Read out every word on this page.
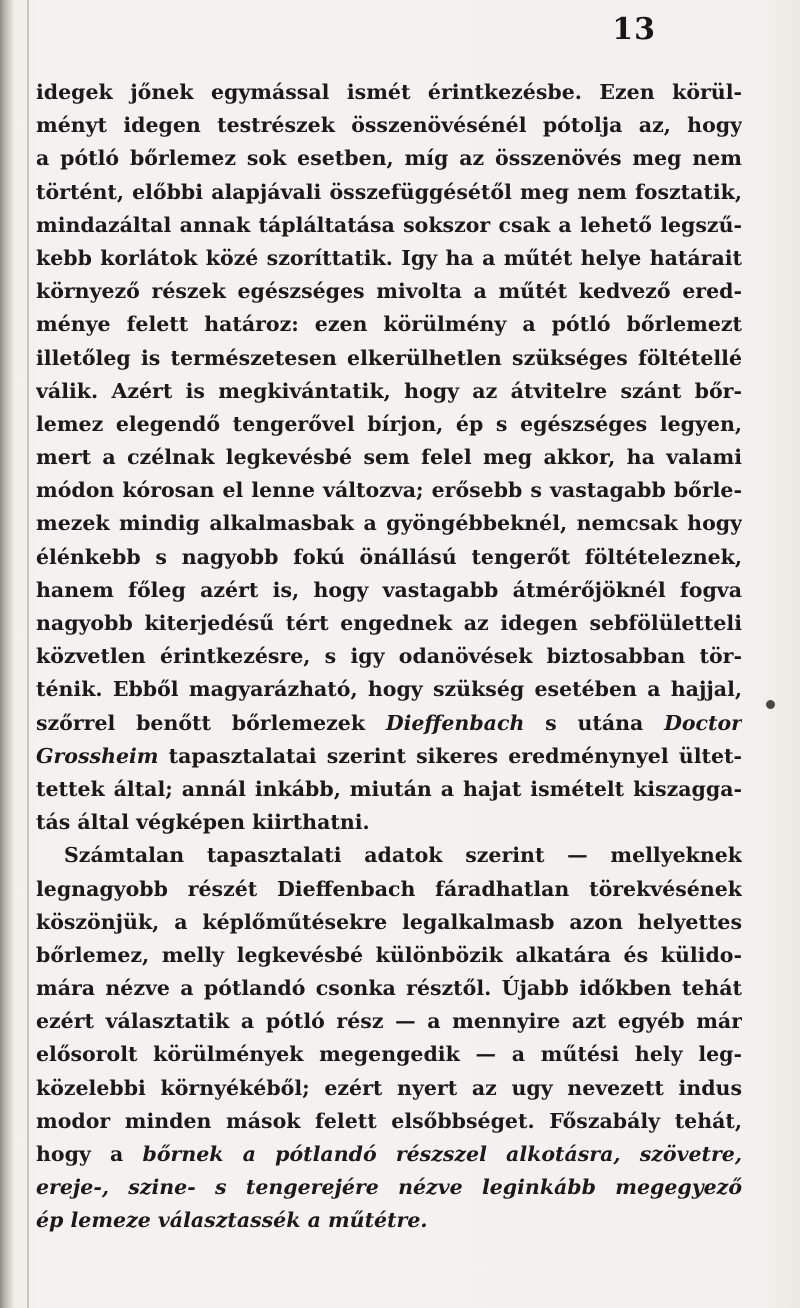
13
idegek jőnek egymással ismét érintkezésbe. Ezen körül-
ményt idegen testrészek összenövésénél pótolja az, hogy
a pótló bőrlemez sok esetben, míg az összenövés meg nem
történt, előbbi alapjávali összefüggésétől meg nem fosztatik,
mindazáltal annak tápláltatása sokszor csak a lehető legszű-
kebb korlátok közé szoríttatik. Igy ha a műtét helye határait
környező részek egészséges mivolta a műtét kedvező ered-
ménye felett határoz: ezen körülmény a pótló bőrlemezt
illetőleg is természetesen elkerülhetlen szükséges föltétellé
válik. Azért is megkivántatik, hogy az átvitelre szánt bőr-
lemez elegendő tengerővel bírjon, ép s egészséges legyen,
mert a czélnak legkevésbé sem felel meg akkor, ha valami
módon kórosan el lenne változva; erősebb s vastagabb bőrle-
mezek mindig alkalmasbak a gyöngébbeknél, nemcsak hogy
élénkebb s nagyobb fokú önállású tengerőt föltételeznek,
hanem főleg azért is, hogy vastagabb átmérőjöknél fogva
nagyobb kiterjedésű tért engednek az idegen sebfölületteli
közvetlen érintkezésre, s igy odanövések biztosabban tör-
ténik. Ebből magyarázható, hogy szükség esetében a hajjal,
szőrrel benőtt bőrlemezek Dieffenbach s utána Doctor
Grossheim tapasztalatai szerint sikeres eredménynyel ültet-
tettek által; annál inkább, miután a hajat ismételt kiszagga-
tás által végképen kiirthatni.
Számtalan tapasztalati adatok szerint — mellyeknek
legnagyobb részét Dieffenbach fáradhatlan törekvésének
köszönjük, a képlőműtésekre legalkalmasb azon helyettes
bőrlemez, melly legkevésbé különbözik alkatára és külido-
mára nézve a pótlandó csonka résztől. Újabb időkben tehát
ezért választatik a pótló rész — a mennyire azt egyéb már
elősorolt körülmények megengedik — a műtési hely leg-
közelebbi környékéből; ezért nyert az ugy nevezett indus
modor minden mások felett elsőbbséget. Főszabály tehát,
hogy a bőrnek a pótlandó részszel alkotásra, szövetre,
ereje-, szine- s tengerejére nézve leginkább megegyező
ép lemeze választassék a műtétre.
